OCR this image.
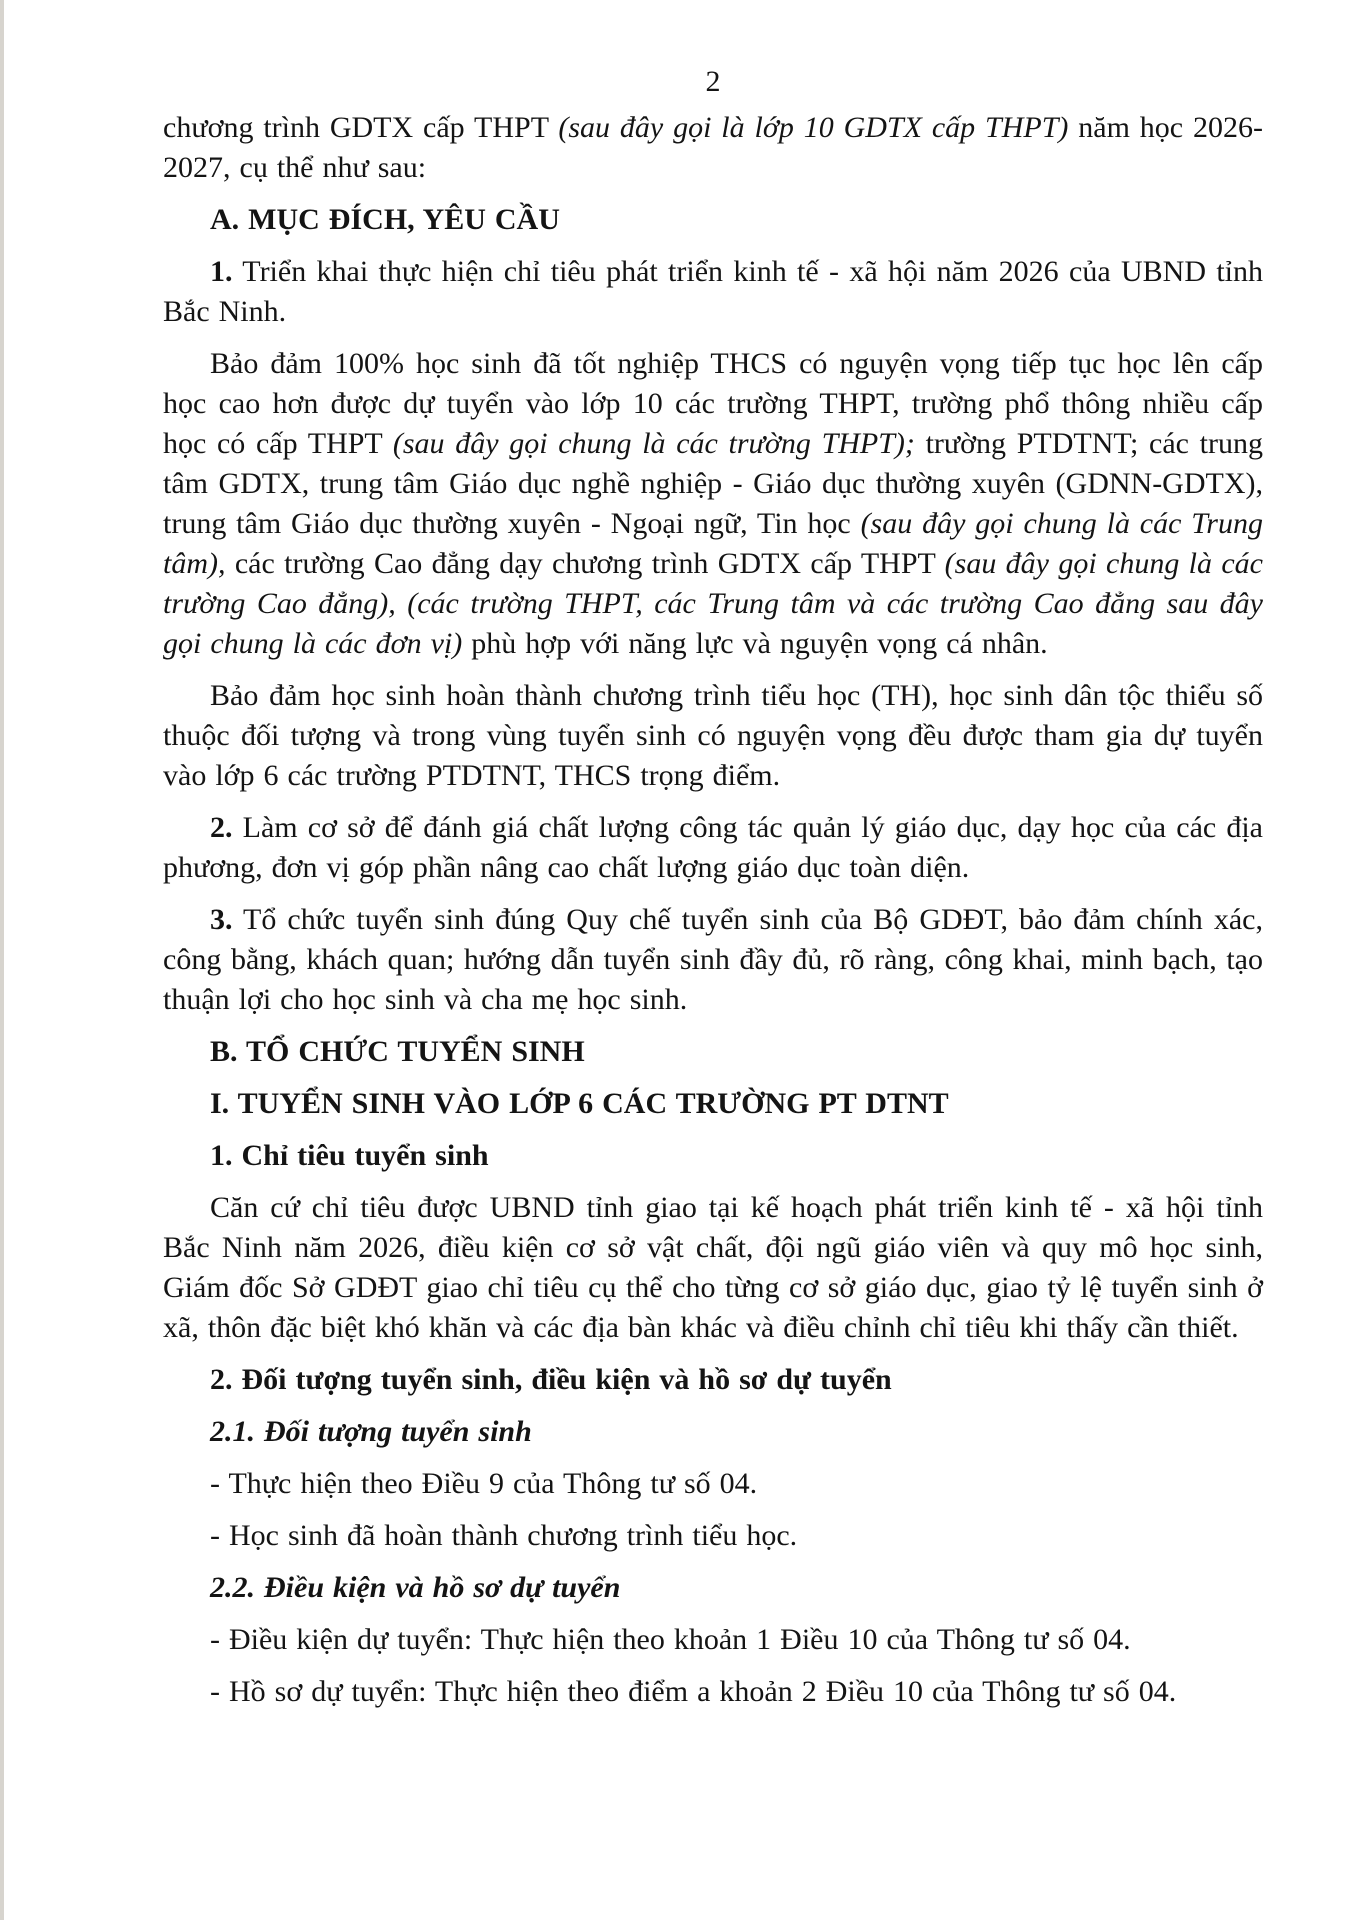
2

chương trình GDTX cấp THPT (sau đây gọi là lớp 10 GDTX cấp THPT) năm học 2026-2027, cụ thể như sau:

A. MỤC ĐÍCH, YÊU CẦU

1. Triển khai thực hiện chỉ tiêu phát triển kinh tế - xã hội năm 2026 của UBND tỉnh Bắc Ninh.

Bảo đảm 100% học sinh đã tốt nghiệp THCS có nguyện vọng tiếp tục học lên cấp học cao hơn được dự tuyển vào lớp 10 các trường THPT, trường phổ thông nhiều cấp học có cấp THPT (sau đây gọi chung là các trường THPT); trường PTDTNT; các trung tâm GDTX, trung tâm Giáo dục nghề nghiệp - Giáo dục thường xuyên (GDNN-GDTX), trung tâm Giáo dục thường xuyên - Ngoại ngữ, Tin học (sau đây gọi chung là các Trung tâm), các trường Cao đẳng dạy chương trình GDTX cấp THPT (sau đây gọi chung là các trường Cao đẳng), (các trường THPT, các Trung tâm và các trường Cao đẳng sau đây gọi chung là các đơn vị) phù hợp với năng lực và nguyện vọng cá nhân.

Bảo đảm học sinh hoàn thành chương trình tiểu học (TH), học sinh dân tộc thiểu số thuộc đối tượng và trong vùng tuyển sinh có nguyện vọng đều được tham gia dự tuyển vào lớp 6 các trường PTDTNT, THCS trọng điểm.

2. Làm cơ sở để đánh giá chất lượng công tác quản lý giáo dục, dạy học của các địa phương, đơn vị góp phần nâng cao chất lượng giáo dục toàn diện.

3. Tổ chức tuyển sinh đúng Quy chế tuyển sinh của Bộ GDĐT, bảo đảm chính xác, công bằng, khách quan; hướng dẫn tuyển sinh đầy đủ, rõ ràng, công khai, minh bạch, tạo thuận lợi cho học sinh và cha mẹ học sinh.

B. TỔ CHỨC TUYỂN SINH

I. TUYỂN SINH VÀO LỚP 6 CÁC TRƯỜNG PT DTNT

1. Chỉ tiêu tuyển sinh

Căn cứ chỉ tiêu được UBND tỉnh giao tại kế hoạch phát triển kinh tế - xã hội tỉnh Bắc Ninh năm 2026, điều kiện cơ sở vật chất, đội ngũ giáo viên và quy mô học sinh, Giám đốc Sở GDĐT giao chỉ tiêu cụ thể cho từng cơ sở giáo dục, giao tỷ lệ tuyển sinh ở xã, thôn đặc biệt khó khăn và các địa bàn khác và điều chỉnh chỉ tiêu khi thấy cần thiết.

2. Đối tượng tuyển sinh, điều kiện và hồ sơ dự tuyển

2.1. Đối tượng tuyển sinh

- Thực hiện theo Điều 9 của Thông tư số 04.

- Học sinh đã hoàn thành chương trình tiểu học.

2.2. Điều kiện và hồ sơ dự tuyển

- Điều kiện dự tuyển: Thực hiện theo khoản 1 Điều 10 của Thông tư số 04.

- Hồ sơ dự tuyển: Thực hiện theo điểm a khoản 2 Điều 10 của Thông tư số 04.
